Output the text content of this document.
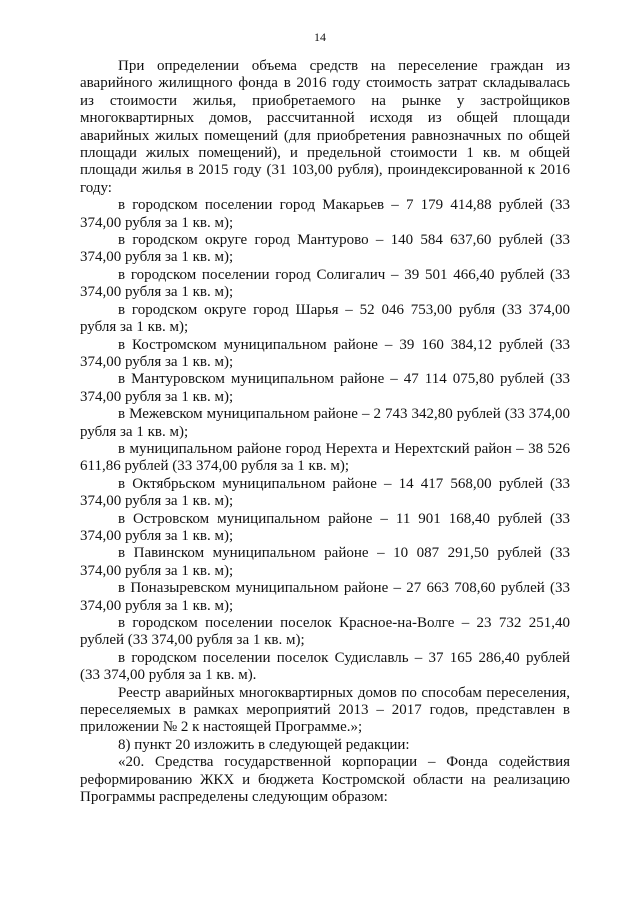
14

При определении объема средств на переселение граждан из аварийного жилищного фонда в 2016 году стоимость затрат складывалась из стоимости жилья, приобретаемого на рынке у застройщиков многоквартирных домов, рассчитанной исходя из общей площади аварийных жилых помещений (для приобретения равнозначных по общей площади жилых помещений), и предельной стоимости 1 кв. м общей площади жилья в 2015 году (31 103,00 рубля), проиндексированной к 2016 году:

в городском поселении город Макарьев – 7 179 414,88 рублей (33 374,00 рубля за 1 кв. м);

в городском округе город Мантурово – 140 584 637,60 рублей (33 374,00 рубля за 1 кв. м);

в городском поселении город Солигалич – 39 501 466,40 рублей (33 374,00 рубля за 1 кв. м);

в городском округе город Шарья – 52 046 753,00 рубля (33 374,00 рубля за 1 кв. м);

в Костромском муниципальном районе – 39 160 384,12 рублей (33 374,00 рубля за 1 кв. м);

в Мантуровском муниципальном районе – 47 114 075,80 рублей (33 374,00 рубля за 1 кв. м);

в Межевском муниципальном районе – 2 743 342,80 рублей (33 374,00 рубля за 1 кв. м);

в муниципальном районе город Нерехта и Нерехтский район – 38 526 611,86 рублей (33 374,00 рубля за 1 кв. м);

в Октябрьском муниципальном районе – 14 417 568,00 рублей (33 374,00 рубля за 1 кв. м);

в Островском муниципальном районе – 11 901 168,40 рублей (33 374,00 рубля за 1 кв. м);

в Павинском муниципальном районе – 10 087 291,50 рублей (33 374,00 рубля за 1 кв. м);

в Поназыревском муниципальном районе – 27 663 708,60 рублей (33 374,00 рубля за 1 кв. м);

в городском поселении поселок Красное-на-Волге – 23 732 251,40 рублей (33 374,00 рубля за 1 кв. м);

в городском поселении поселок Судиславль – 37 165 286,40 рублей (33 374,00 рубля за 1 кв. м).

Реестр аварийных многоквартирных домов по способам переселения, переселяемых в рамках мероприятий 2013 – 2017 годов, представлен в приложении № 2 к настоящей Программе.»;

8) пункт 20 изложить в следующей редакции:

«20. Средства государственной корпорации – Фонда содействия реформированию ЖКХ и бюджета Костромской области на реализацию Программы распределены следующим образом:
